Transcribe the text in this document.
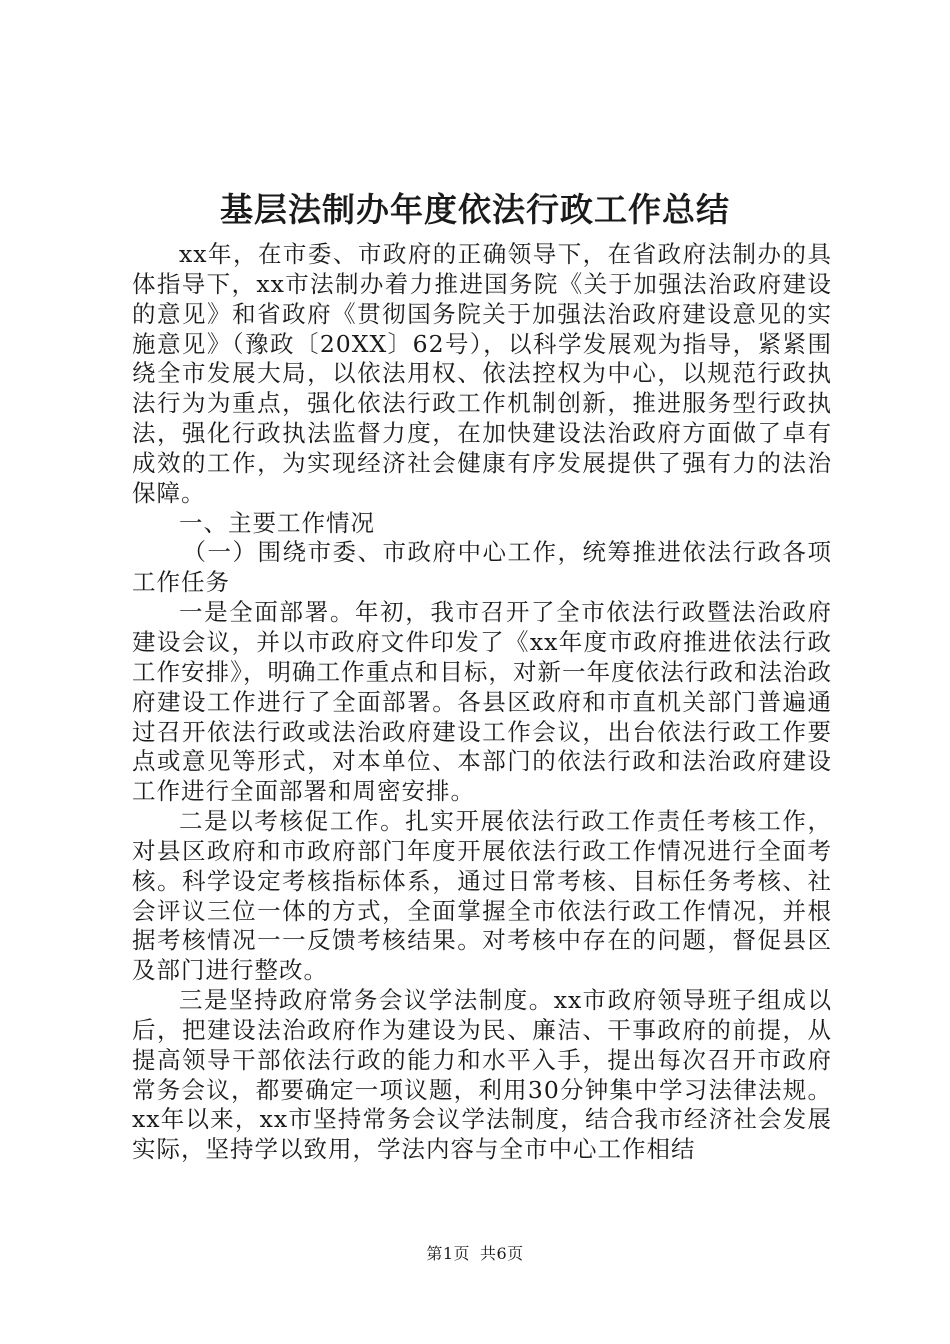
基层法制办年度依法行政工作总结

xx年，在市委、市政府的正确领导下，在省政府法制办的具体指导下，xx市法制办着力推进国务院《关于加强法治政府建设的意见》和省政府《贯彻国务院关于加强法治政府建设意见的实施意见》（豫政〔20XX〕62号），以科学发展观为指导，紧紧围绕全市发展大局，以依法用权、依法控权为中心，以规范行政执法行为为重点，强化依法行政工作机制创新，推进服务型行政执法，强化行政执法监督力度，在加快建设法治政府方面做了卓有成效的工作，为实现经济社会健康有序发展提供了强有力的法治保障。

一、主要工作情况

（一）围绕市委、市政府中心工作，统筹推进依法行政各项工作任务

一是全面部署。年初，我市召开了全市依法行政暨法治政府建设会议，并以市政府文件印发了《xx年度市政府推进依法行政工作安排》，明确工作重点和目标，对新一年度依法行政和法治政府建设工作进行了全面部署。各县区政府和市直机关部门普遍通过召开依法行政或法治政府建设工作会议，出台依法行政工作要点或意见等形式，对本单位、本部门的依法行政和法治政府建设工作进行全面部署和周密安排。

二是以考核促工作。扎实开展依法行政工作责任考核工作，对县区政府和市政府部门年度开展依法行政工作情况进行全面考核。科学设定考核指标体系，通过日常考核、目标任务考核、社会评议三位一体的方式，全面掌握全市依法行政工作情况，并根据考核情况一一反馈考核结果。对考核中存在的问题，督促县区及部门进行整改。

三是坚持政府常务会议学法制度。xx市政府领导班子组成以后，把建设法治政府作为建设为民、廉洁、干事政府的前提，从提高领导干部依法行政的能力和水平入手，提出每次召开市政府常务会议，都要确定一项议题，利用30分钟集中学习法律法规。xx年以来，xx市坚持常务会议学法制度，结合我市经济社会发展实际，坚持学以致用，学法内容与全市中心工作相结

第1页 共6页
